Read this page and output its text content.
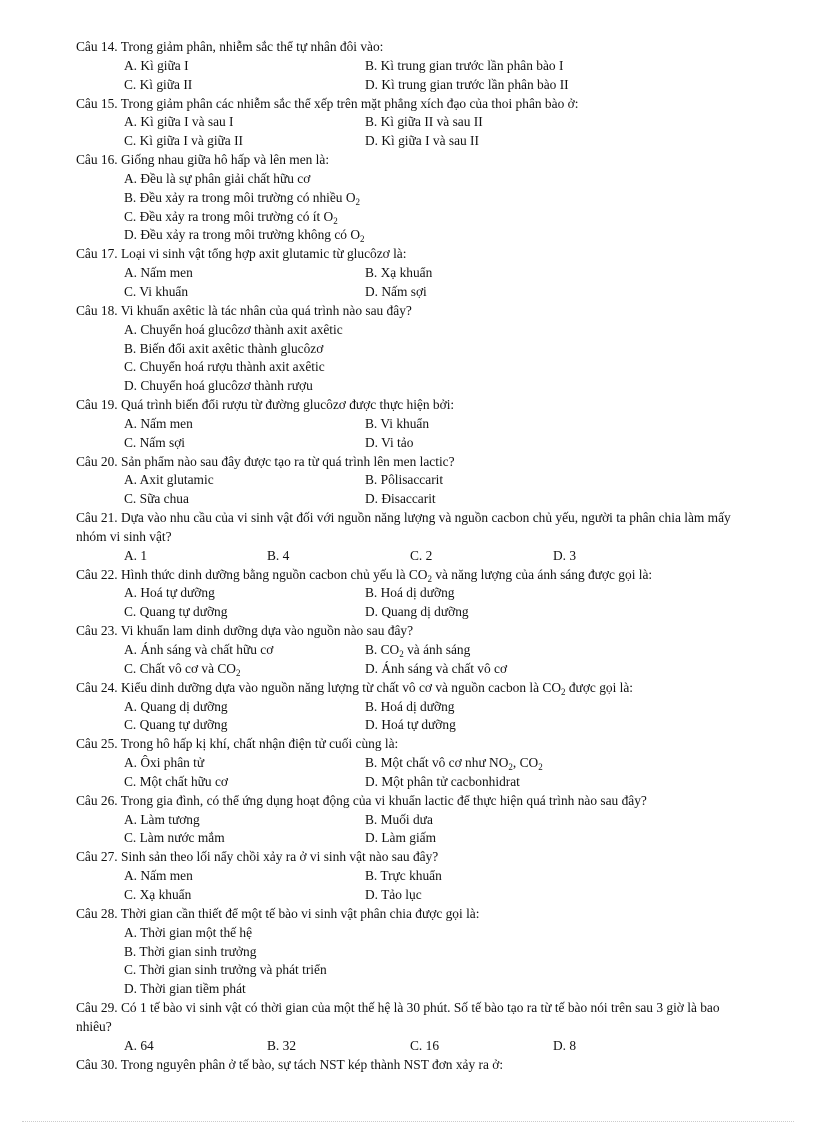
Câu 14. Trong giảm phân, nhiễm sắc thể tự nhân đôi vào:
A. Kì giữa I	B. Kì trung gian trước lần phân bào I
C. Kì giữa II	D. Kì trung gian trước lần phân bào II
Câu 15. Trong giảm phân các nhiễm sắc thể xếp trên mặt phẳng xích đạo của thoi phân bào ở:
A. Kì giữa I và sau I	B. Kì giữa II và sau II
C. Kì giữa I và giữa II	D. Kì giữa I và sau II
Câu 16. Giống nhau giữa hô hấp và lên men là:
A. Đều là sự phân giải chất hữu cơ
B. Đều xảy ra trong môi trường có nhiều $O_2$
C. Đều xảy ra trong môi trường có ít $O_2$
D. Đều xảy ra trong môi trường không có $O_2$
Câu 17. Loại vi sinh vật tổng hợp axit glutamic từ glucôzơ là:
A. Nấm men	B. Xạ khuẩn
C. Vi khuẩn	D. Nấm sợi
Câu 18. Vi khuẩn axêtic là tác nhân của quá trình nào sau đây?
A. Chuyển hoá glucôzơ thành axit axêtic
B. Biến đổi axit axêtic thành glucôzơ
C. Chuyển hoá rượu thành axit axêtic
D. Chuyển hoá glucôzơ thành rượu
Câu 19. Quá trình biến đổi rượu từ đường glucôzơ được thực hiện bởi:
A. Nấm men	B. Vi khuẩn
C. Nấm sợi	D. Vi tảo
Câu 20. Sản phẩm nào sau đây được tạo ra từ quá trình lên men lactic?
A. Axit glutamic	B. Pôlisaccarit
C. Sữa chua	D. Đisaccarit
Câu 21. Dựa vào nhu cầu của vi sinh vật đối với nguồn năng lượng và nguồn cacbon chủ yếu, người ta phân chia làm mấy nhóm vi sinh vật?
A. 1	B. 4	C. 2	D. 3
Câu 22. Hình thức dinh dưỡng bằng nguồn cacbon chủ yếu là $CO_2$ và năng lượng của ánh sáng được gọi là:
A. Hoá tự dưỡng	B. Hoá dị dưỡng
C. Quang tự dưỡng	D. Quang dị dưỡng
Câu 23. Vi khuẩn lam dinh dưỡng dựa vào nguồn nào sau đây?
A. Ánh sáng và chất hữu cơ	B. $CO_2$ và ánh sáng
C. Chất vô cơ và $CO_2$	D. Ánh sáng và chất vô cơ
Câu 24. Kiểu dinh dưỡng dựa vào nguồn năng lượng từ chất vô cơ và nguồn cacbon là $CO_2$ được gọi là:
A. Quang dị dưỡng	B. Hoá dị dưỡng
C. Quang tự dưỡng	D. Hoá tự dưỡng
Câu 25. Trong hô hấp kị khí, chất nhận điện tử cuối cùng là:
A. Ôxi phân tử	B. Một chất vô cơ như $NO_2$, $CO_2$
C. Một chất hữu cơ	D. Một phân tử cacbonhidrat
Câu 26. Trong gia đình, có thể ứng dụng hoạt động của vi khuẩn lactic để thực hiện quá trình nào sau đây?
A. Làm tương	B. Muối dưa
C. Làm nước mắm	D. Làm giấm
Câu 27. Sinh sản theo lối nẩy chồi xảy ra ở vi sinh vật nào sau đây?
A. Nấm men	B. Trực khuẩn
C. Xạ khuẩn	D. Tảo lục
Câu 28. Thời gian cần thiết để một tế bào vi sinh vật phân chia được gọi là:
A. Thời gian một thế hệ
B. Thời gian sinh trưởng
C. Thời gian sinh trưởng và phát triển
D. Thời gian tiềm phát
Câu 29. Có 1 tế bào vi sinh vật có thời gian của một thế hệ là 30 phút. Số tế bào tạo ra từ tế bào nói trên sau 3 giờ là bao nhiêu?
A. 64	B. 32	C. 16	D. 8
Câu 30. Trong nguyên phân ở tế bào, sự tách NST kép thành NST đơn xảy ra ở:
